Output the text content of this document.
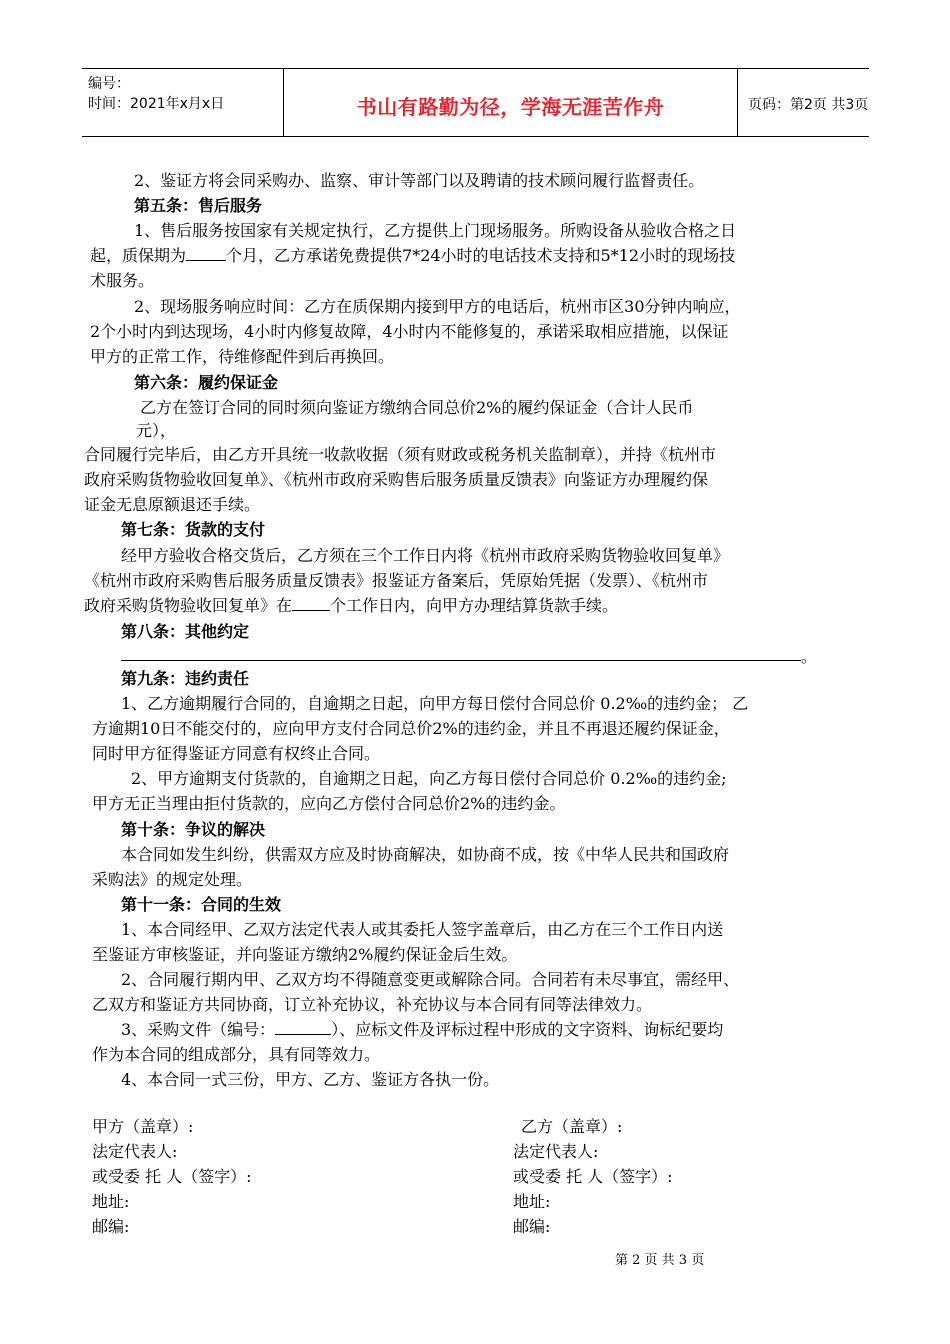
编号：
时间：2021年x月x日	书山有路勤为径，学海无涯苦作舟	页码：第2页 共3页
2、鉴证方将会同采购办、监察、审计等部门以及聘请的技术顾问履行监督责任。
第五条：售后服务
1、售后服务按国家有关规定执行，乙方提供上门现场服务。所购设备从验收合格之日
起，质保期为	个月，乙方承诺免费提供7*24小时的电话技术支持和5*12小时的现场技
术服务。
2、现场服务响应时间：乙方在质保期内接到甲方的电话后，杭州市区30分钟内响应，
2个小时内到达现场，4小时内修复故障，4小时内不能修复的，承诺采取相应措施，以保证
甲方的正常工作，待维修配件到后再换回。
第六条：履约保证金
乙方在签订合同的同时须向鉴证方缴纳合同总价2%的履约保证金（合计人民币
元），
合同履行完毕后，由乙方开具统一收款收据（须有财政或税务机关监制章），并持《杭州市
政府采购货物验收回复单》、《杭州市政府采购售后服务质量反馈表》向鉴证方办理履约保
证金无息原额退还手续。
第七条：货款的支付
经甲方验收合格交货后，乙方须在三个工作日内将《杭州市政府采购货物验收回复单》
《杭州市政府采购售后服务质量反馈表》报鉴证方备案后，凭原始凭据（发票）、《杭州市
政府采购货物验收回复单》在 个工作日内，向甲方办理结算货款手续。
第八条：其他约定
。
第九条：违约责任
1、乙方逾期履行合同的，自逾期之日起，向甲方每日偿付合同总价 0.2‰的违约金； 乙
方逾期10日不能交付的，应向甲方支付合同总价2%的违约金，并且不再退还履约保证金，
同时甲方征得鉴证方同意有权终止合同。
2、甲方逾期支付货款的，自逾期之日起，向乙方每日偿付合同总价 0.2‰的违约金;
甲方无正当理由拒付货款的，应向乙方偿付合同总价2%的违约金。
第十条：争议的解决
本合同如发生纠纷，供需双方应及时协商解决，如协商不成，按《中华人民共和国政府
采购法》的规定处理。
第十一条：合同的生效
1、本合同经甲、乙双方法定代表人或其委托人签字盖章后，由乙方在三个工作日内送
至鉴证方审核鉴证，并向鉴证方缴纳2%履约保证金后生效。
2、合同履行期内甲、乙双方均不得随意变更或解除合同。合同若有未尽事宜，需经甲、
乙双方和鉴证方共同协商，订立补充协议，补充协议与本合同有同等法律效力。
3、采购文件（编号：	）、应标文件及评标过程中形成的文字资料、询标纪要均
作为本合同的组成部分，具有同等效力。
4、本合同一式三份，甲方、乙方、鉴证方各执一份。
甲方（盖章）:
法定代表人:
或受委 托 人（签字）:
地址:
邮编:
乙方（盖章）:
法定代表人:
或受委 托 人（签字）:
地址:
邮编:
第 2 页 共 3 页
